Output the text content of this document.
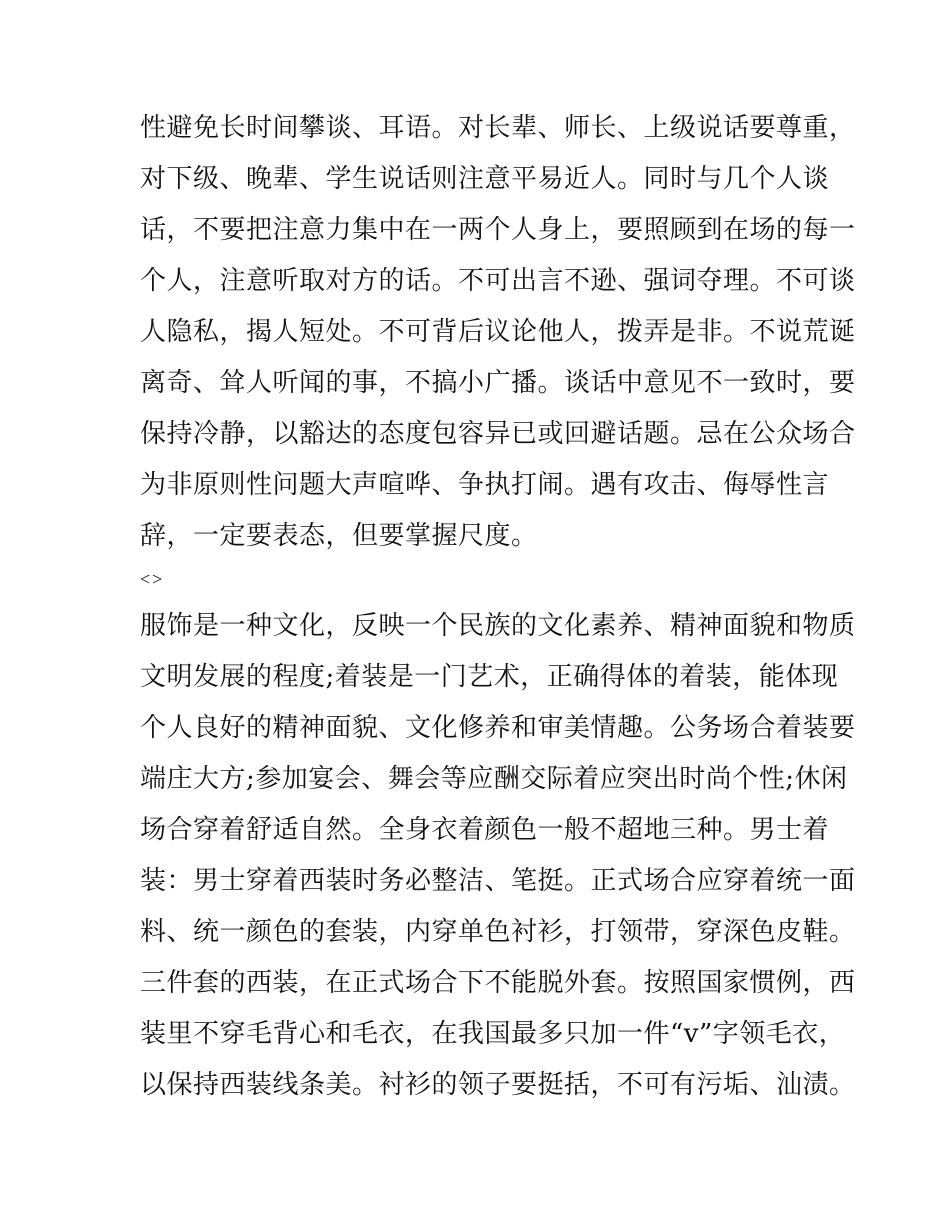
性避免长时间攀谈、耳语。对长辈、师长、上级说话要尊重，
对下级、晚辈、学生说话则注意平易近人。同时与几个人谈
话，不要把注意力集中在一两个人身上，要照顾到在场的每一
个人，注意听取对方的话。不可出言不逊、强词夺理。不可谈
人隐私，揭人短处。不可背后议论他人，拨弄是非。不说荒诞
离奇、耸人听闻的事，不搞小广播。谈话中意见不一致时，要
保持冷静，以豁达的态度包容异已或回避话题。忌在公众场合
为非原则性问题大声喧哗、争执打闹。遇有攻击、侮辱性言
辞，一定要表态，但要掌握尺度。
<>
服饰是一种文化，反映一个民族的文化素养、精神面貌和物质
文明发展的程度;着装是一门艺术，正确得体的着装，能体现
个人良好的精神面貌、文化修养和审美情趣。公务场合着装要
端庄大方;参加宴会、舞会等应酬交际着应突出时尚个性;休闲
场合穿着舒适自然。全身衣着颜色一般不超地三种。男士着
装：男士穿着西装时务必整洁、笔挺。正式场合应穿着统一面
料、统一颜色的套装，内穿单色衬衫，打领带，穿深色皮鞋。
三件套的西装，在正式场合下不能脱外套。按照国家惯例，西
装里不穿毛背心和毛衣，在我国最多只加一件“v”字领毛衣，
以保持西装线条美。衬衫的领子要挺括，不可有污垢、汕渍。
